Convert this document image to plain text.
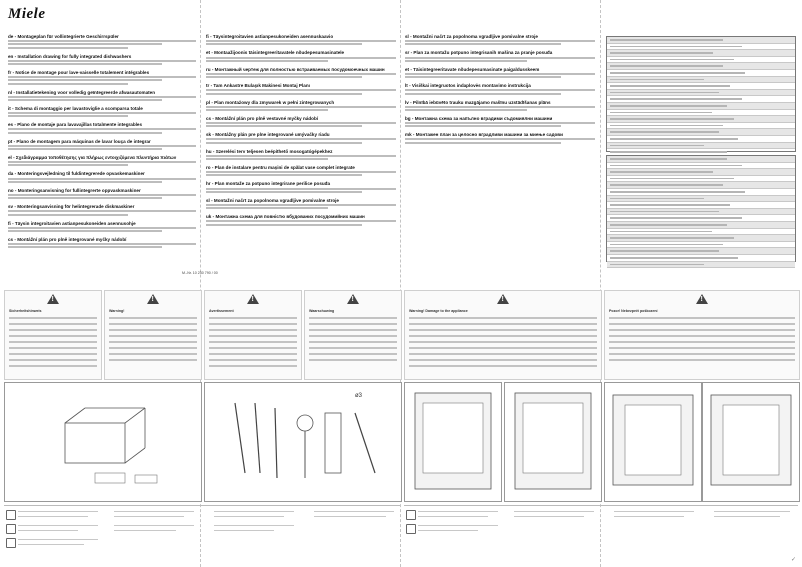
Miele
de - Montageplan für vollintegrierte Geschirrspüler
en - Installation drawing for fully integrated dishwashers
fr - Notice de montage pour lave-vaisselle totalement intégrables
nl - Installatietekening voor volledig geïntegreerde afwasautomaten
it - Schema di montaggio per lavastoviglie a scomparsa totale
es - Plano de montaje para lavavajillas totalmente integrables
pt - Plano de montagem para máquinas de lavar louça de integrar
el - Σχεδιάγραμμα τοποθέτησης για πλήρως εντοιχιζόμενα πλυντήρια πιάτων
da - Monteringsvejledning til fuldintegrerede opvaskemaskiner
no - Monteringsanvisning for fullintegrerte oppvaskmaskiner
sv - Monteringsanvisning för helintegrerade diskmaskiner
fi - Täysin integroitavien astianpesukoneiden asennusohje
cs - Montážní plán pro plně integrované myčky nádobí
fi - Täysintegroitavien astianpesukoneiden asennuskaavio
et - Montaažijoonis täisintegreeritavatele nõudepesumasinatele
ru - Монтажный чертеж для полностью встраиваемых посудомоечных машин
tr - Tam Ankastre Bulaşık Makinesi Montaj Planı
pl - Plan montażowy dla zmywarek w pełni zintegrowanych
cs - Montážní plán pro plně vestavné myčky nádobí
sk - Montážny plán pre plne integrované umývačky riadu
hu - Szerelési terv teljesen beépíthető mosogatógépekhez
ro - Plan de instalare pentru mașini de spălat vase complet integrate
hr - Plan montaže za potpuno integrirane perilice posuđa
sl - Montažni načrt za popolnoma vgradljive pomivalne stroje
uk - Монтажна схема для повністю вбудованих посудомийних машин
sl - Montažni načrt za popolnoma vgradljive pomivalne stroje
sr - Plan za montažu potpuno integrisanih mašina za pranje posuđa
et - Täisintegreeritavate nõudepesumasinate paigaldusskeem
lt - Visiškai integruotos indaplovės montavimo instrukcija
lv - Pilnībā iebūvēto trauku mazgājamo mašīnu uzstādīšanas plāns
bg - Монтажна схема за напълно вградими съдомиялни машини
mk - Монтажен план за целосно вградливи машини за миење садови
M.-Nr. 10 230 790 / 00
!
Sicherheitshinweis
!	Warning!
!	Avertissement
!	Waarschuwing
!	Warning! Damage to the appliance
!	Pozor! Nebezpečí poškození
ø3
✓
